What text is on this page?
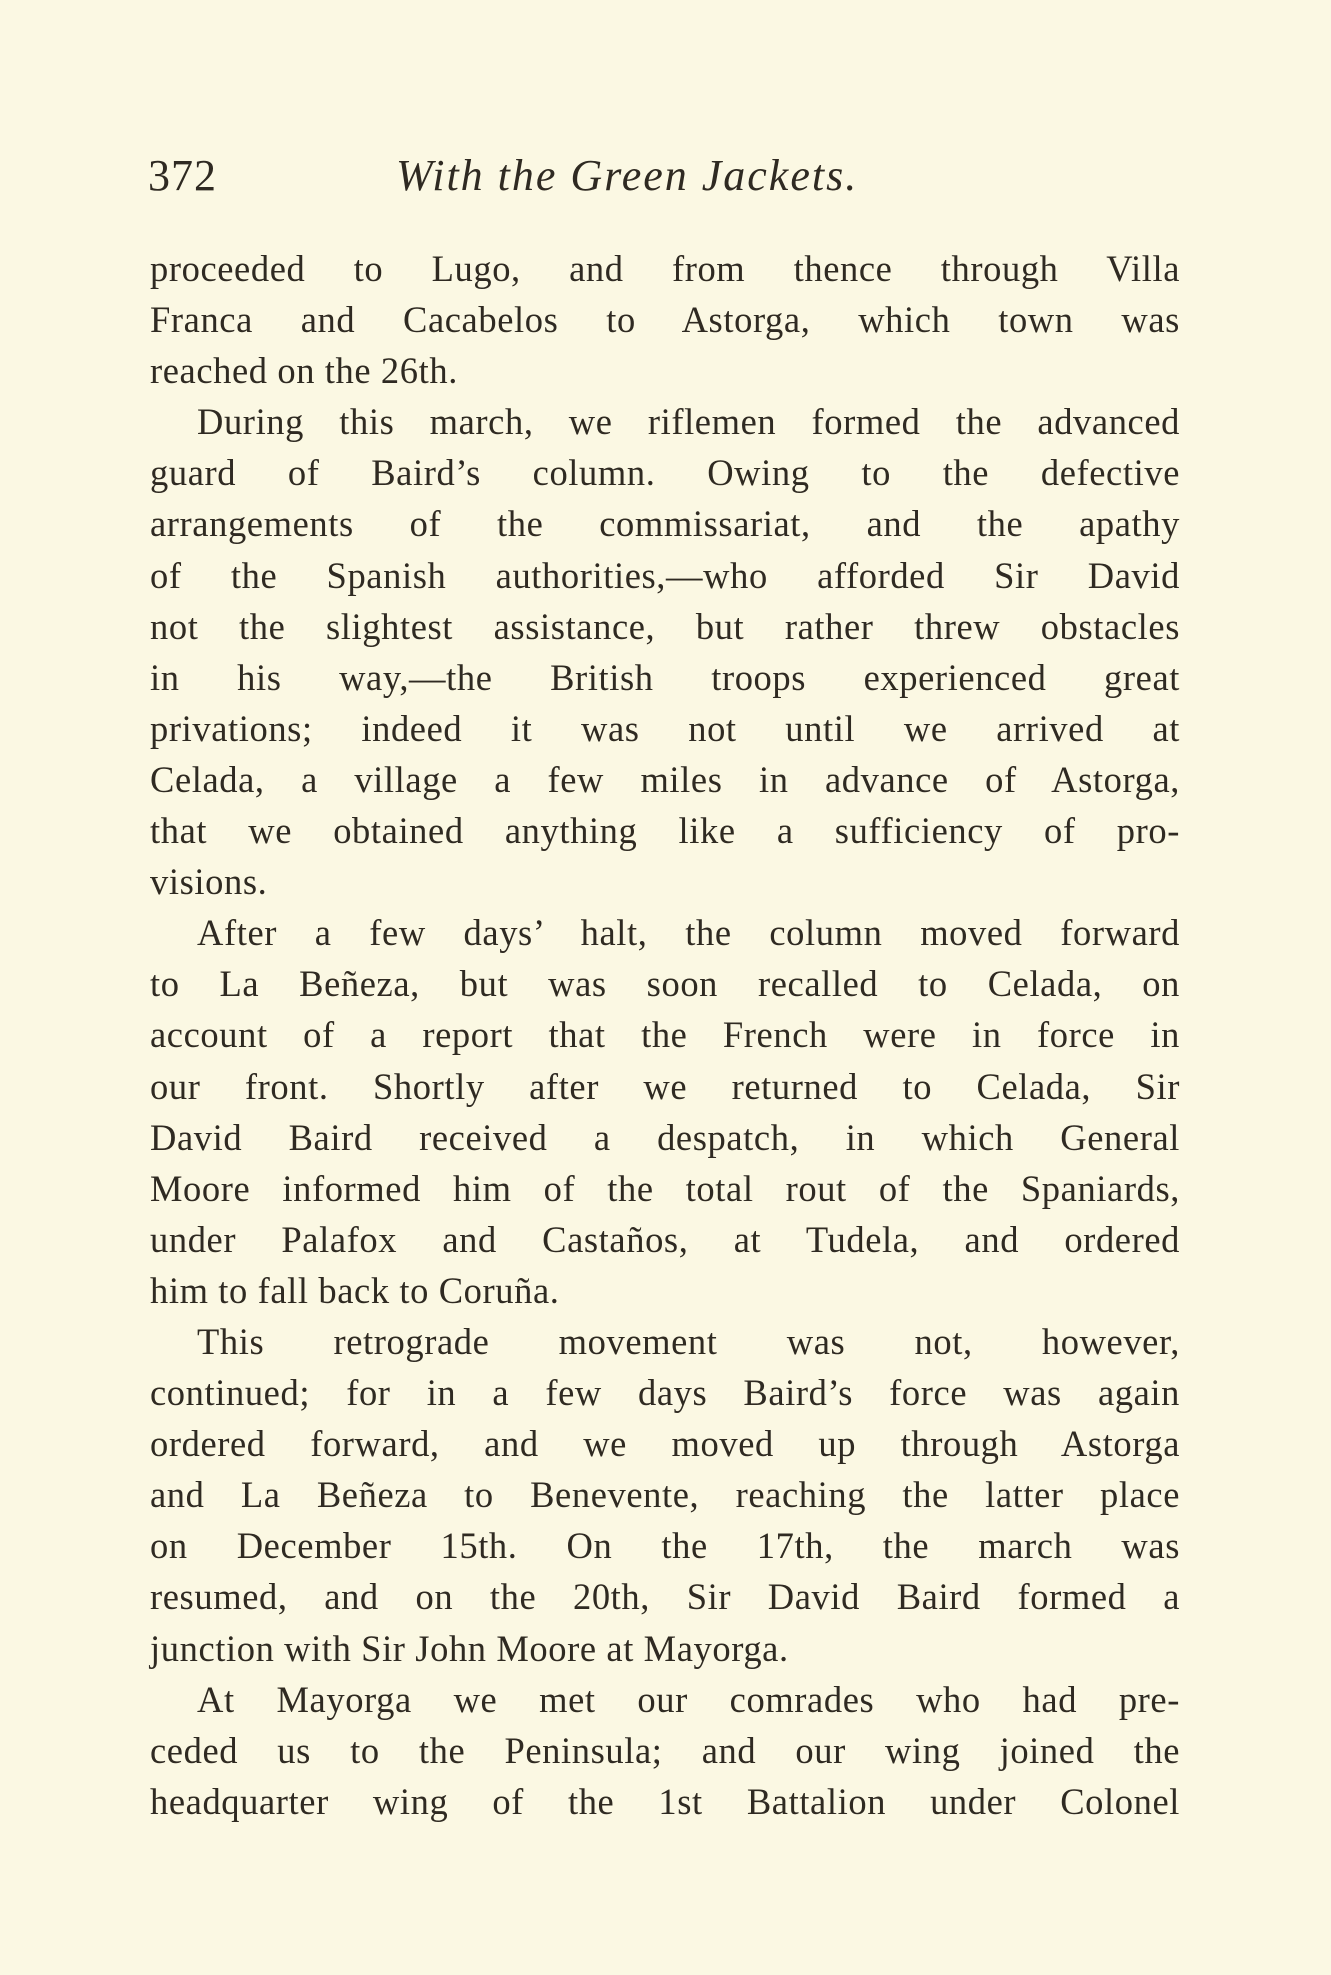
372	With the Green Jackets.
proceeded to Lugo, and from thence through Villa
Franca and Cacabelos to Astorga, which town was
reached on the 26th.
During this march, we riflemen formed the advanced
guard of Baird’s column. Owing to the defective
arrangements of the commissariat, and the apathy
of the Spanish authorities,—who afforded Sir David
not the slightest assistance, but rather threw obstacles
in his way,—the British troops experienced great
privations; indeed it was not until we arrived at
Celada, a village a few miles in advance of Astorga,
that we obtained anything like a sufficiency of pro-
visions.
After a few days’ halt, the column moved forward
to La Beñeza, but was soon recalled to Celada, on
account of a report that the French were in force in
our front. Shortly after we returned to Celada, Sir
David Baird received a despatch, in which General
Moore informed him of the total rout of the Spaniards,
under Palafox and Castaños, at Tudela, and ordered
him to fall back to Coruña.
This retrograde movement was not, however,
continued; for in a few days Baird’s force was again
ordered forward, and we moved up through Astorga
and La Beñeza to Benevente, reaching the latter place
on December 15th. On the 17th, the march was
resumed, and on the 20th, Sir David Baird formed a
junction with Sir John Moore at Mayorga.
At Mayorga we met our comrades who had pre-
ceded us to the Peninsula; and our wing joined the
headquarter wing of the 1st Battalion under Colonel
